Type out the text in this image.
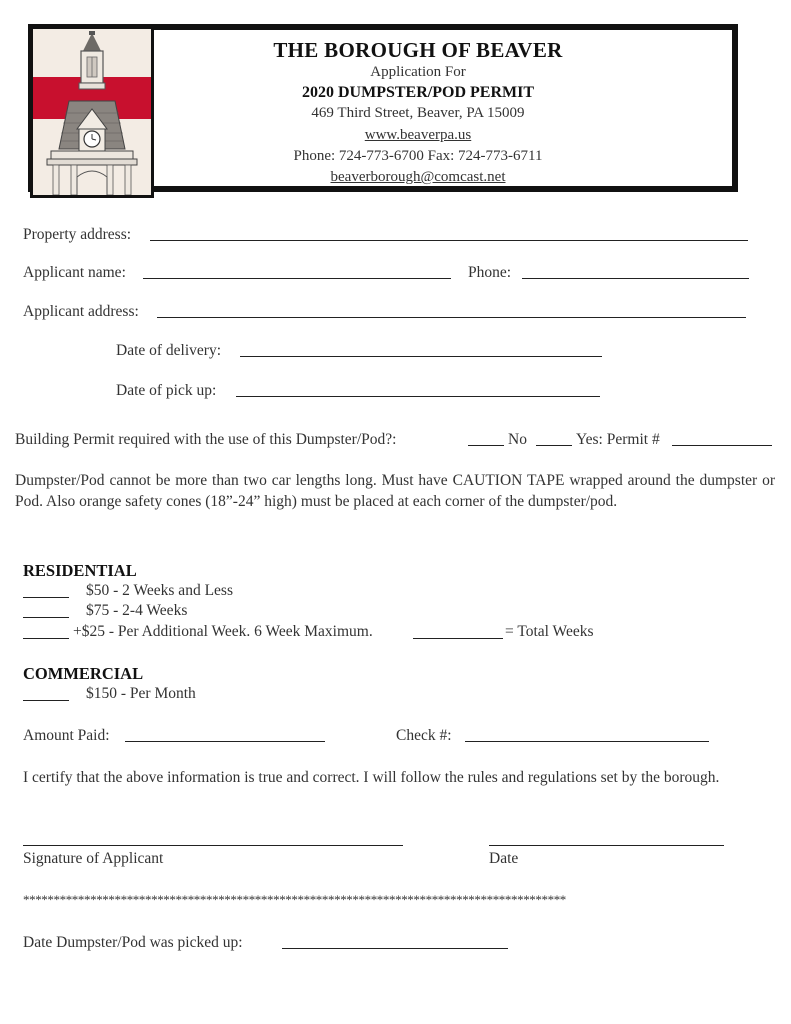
THE BOROUGH OF BEAVER
Application For
2020 DUMPSTER/POD PERMIT
469 Third Street, Beaver, PA 15009
www.beaverpa.us
Phone: 724-773-6700 Fax: 724-773-6711
beaverborough@comcast.net
Property address:
Applicant name:	Phone:
Applicant address:
Date of delivery:
Date of pick up:
Building Permit required with the use of this Dumpster/Pod?:	No	Yes: Permit #
Dumpster/Pod cannot be more than two car lengths long. Must have CAUTION TAPE wrapped around the dumpster or Pod. Also orange safety cones (18”-24” high) must be placed at each corner of the dumpster/pod.
RESIDENTIAL
$50 - 2 Weeks and Less
$75 - 2-4 Weeks
+$25 - Per Additional Week. 6 Week Maximum.	= Total Weeks
COMMERCIAL
$150 - Per Month
Amount Paid:	Check #:
I certify that the above information is true and correct. I will follow the rules and regulations set by the borough.
Signature of Applicant	Date
*****************************************************************************************
Date Dumpster/Pod was picked up:
